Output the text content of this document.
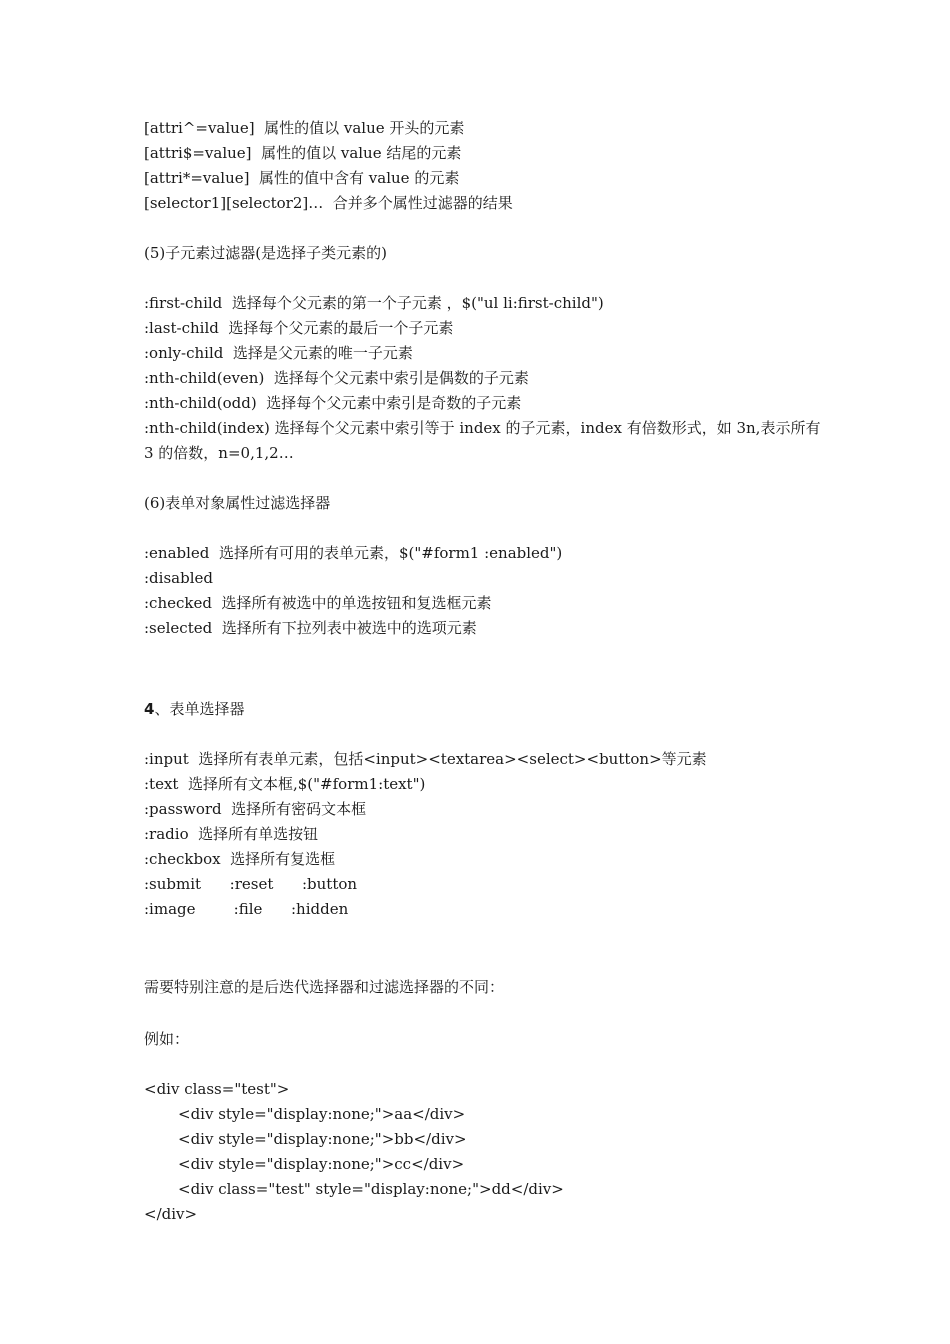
[attri^=value]  属性的值以 value 开头的元素
[attri$=value]  属性的值以 value 结尾的元素
[attri*=value]  属性的值中含有 value 的元素
[selector1][selector2]…  合并多个属性过滤器的结果
(5)子元素过滤器(是选择子类元素的)
:first-child  选择每个父元素的第一个子元素 ，$("ul li:first-child")
:last-child  选择每个父元素的最后一个子元素
:only-child  选择是父元素的唯一子元素
:nth-child(even)  选择每个父元素中索引是偶数的子元素
:nth-child(odd)  选择每个父元素中索引是奇数的子元素
:nth-child(index) 选择每个父元素中索引等于 index 的子元素，index 有倍数形式，如 3n,表示所有 3 的倍数，n=0,1,2…
(6)表单对象属性过滤选择器
:enabled  选择所有可用的表单元素，$("#form1 :enabled")
:disabled
:checked  选择所有被选中的单选按钮和复选框元素
:selected  选择所有下拉列表中被选中的选项元素
4、表单选择器
:input  选择所有表单元素，包括<input><textarea><select><button>等元素
:text  选择所有文本框,$("#form1:text")
:password  选择所有密码文本框
:radio  选择所有单选按钮
:checkbox  选择所有复选框
:submit      :reset      :button
:image        :file      :hidden
需要特别注意的是后迭代选择器和过滤选择器的不同：
例如：
<div class="test">
<div style="display:none;">aa</div>
<div style="display:none;">bb</div>
<div style="display:none;">cc</div>
<div class="test" style="display:none;">dd</div>
</div>
